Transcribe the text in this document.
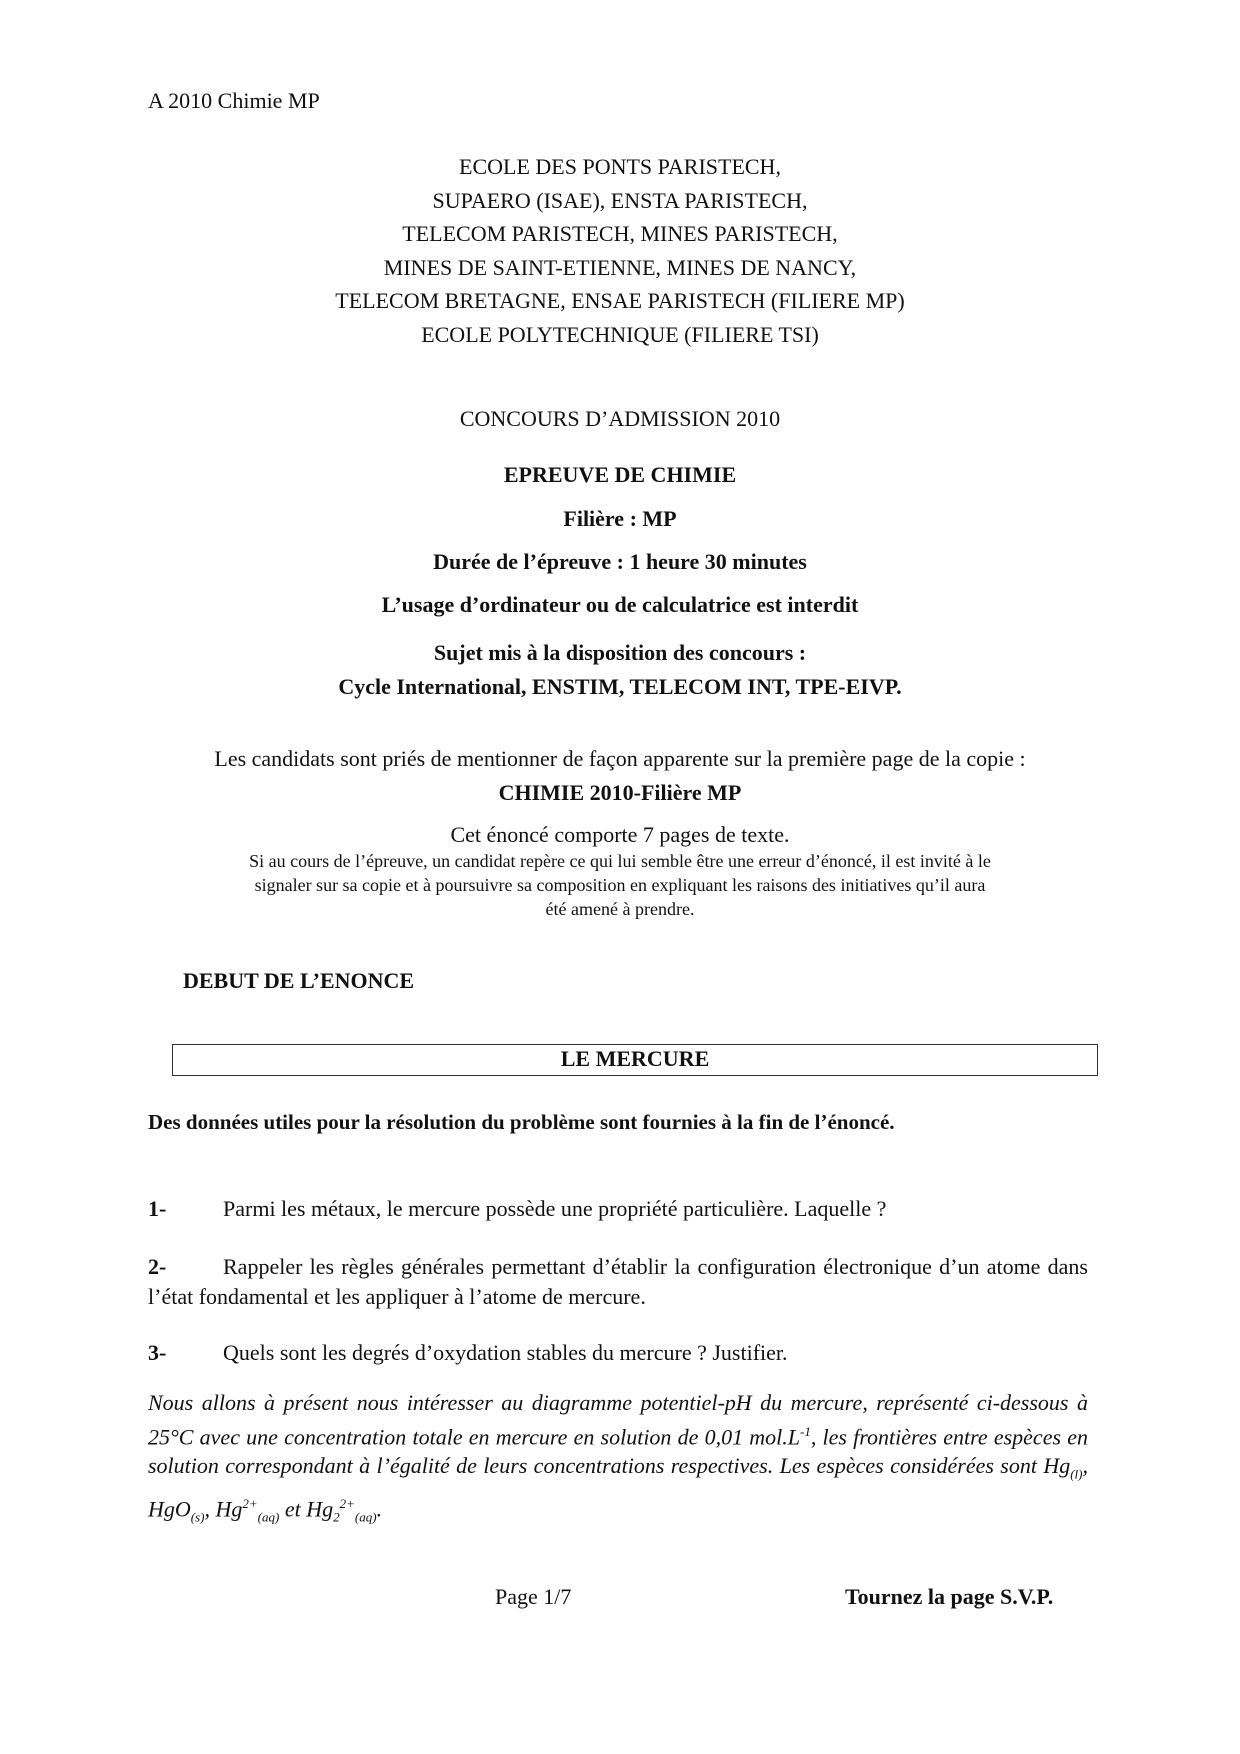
A 2010 Chimie MP
ECOLE DES PONTS PARISTECH,
SUPAERO (ISAE), ENSTA PARISTECH,
TELECOM PARISTECH, MINES PARISTECH,
MINES DE SAINT-ETIENNE, MINES DE NANCY,
TELECOM BRETAGNE, ENSAE PARISTECH (FILIERE MP)
ECOLE POLYTECHNIQUE (FILIERE TSI)
CONCOURS D’ADMISSION 2010
EPREUVE DE CHIMIE
Filière : MP
Durée de l’épreuve : 1 heure 30 minutes
L’usage d’ordinateur ou de calculatrice est interdit
Sujet mis à la disposition des concours :
Cycle International, ENSTIM, TELECOM INT, TPE-EIVP.
Les candidats sont priés de mentionner de façon apparente sur la première page de la copie :
CHIMIE 2010-Filière MP
Cet énoncé comporte 7 pages de texte.
Si au cours de l’épreuve, un candidat repère ce qui lui semble être une erreur d’énoncé, il est invité à le
signaler sur sa copie et à poursuivre sa composition en expliquant les raisons des initiatives qu’il aura
été amené à prendre.
DEBUT DE L’ENONCE
LE MERCURE
Des données utiles pour la résolution du problème sont fournies à la fin de l’énoncé.
1-	Parmi les métaux, le mercure possède une propriété particulière. Laquelle ?
2-	Rappeler les règles générales permettant d’établir la configuration électronique d’un atome dans l’état fondamental et les appliquer à l’atome de mercure.
3-	Quels sont les degrés d’oxydation stables du mercure ? Justifier.
Nous allons à présent nous intéresser au diagramme potentiel-pH du mercure, représenté ci-dessous à 25°C avec une concentration totale en mercure en solution de 0,01 $mol.L^{-1}$, les frontières entre espèces en solution correspondant à l’égalité de leurs concentrations respectives. Les espèces considérées sont $Hg_{(l)}$, HgO$_{(s)}$, $Hg^{2+}_{(aq)}$ et $Hg_2^{2+}_{(aq)}$.
Page 1/7	Tournez la page S.V.P.
